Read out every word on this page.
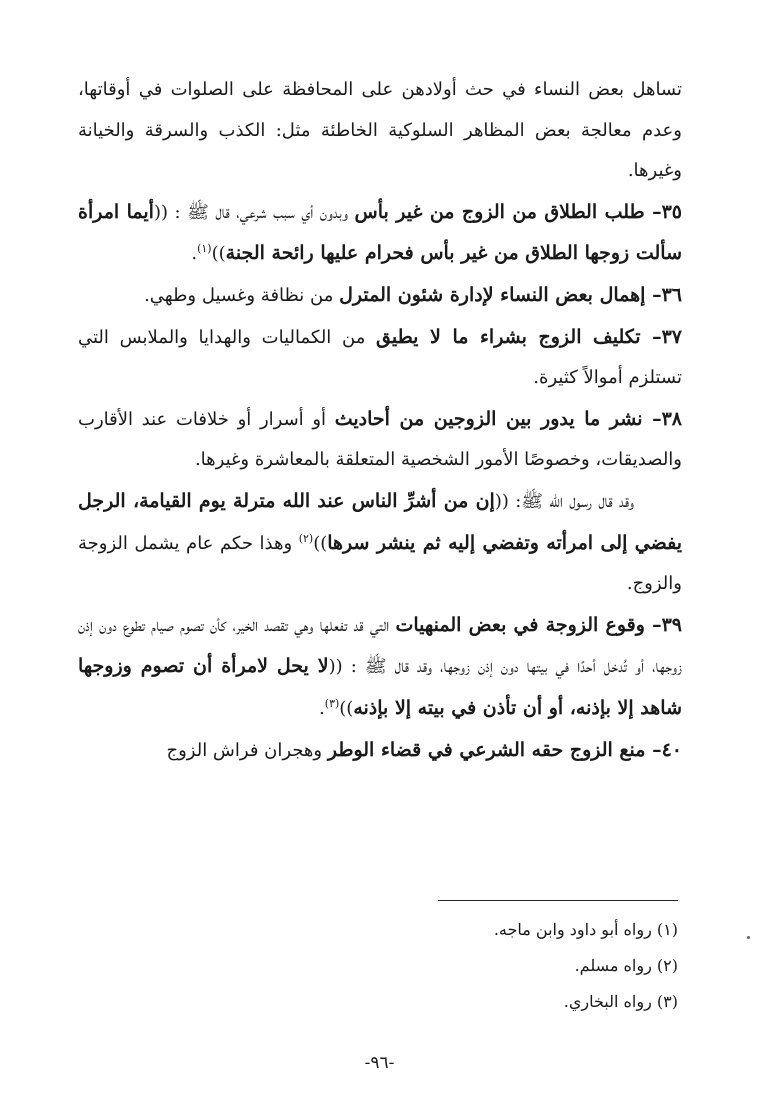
تساهل بعض النساء في حث أولادهن على المحافظة على الصلوات في أوقاتها، وعدم معالجة بعض المظاهر السلوكية الخاطئة مثل: الكذب والسرقة والخيانة وغيرها.

٣٥– طلب الطلاق من الزوج من غير بأس وبدون أي سبب شرعي، قال ﷺ : ((أيما امرأة سألت زوجها الطلاق من غير بأس فحرام عليها رائحة الجنة))$^{(١)}$.

٣٦– إهمال بعض النساء لإدارة شئون المترل من نظافة وغسيل وطهي.

٣٧– تكليف الزوج بشراء ما لا يطيق من الكماليات والهدايا والملابس التي تستلزم أموالاً كثيرة.

٣٨– نشر ما يدور بين الزوجين من أحاديث أو أسرار أو خلافات عند الأقارب والصديقات، وخصوصًا الأمور الشخصية المتعلقة بالمعاشرة وغيرها.

وقد قال رسول الله ﷺ: ((إن من أشرِّ الناس عند الله مترلة يوم القيامة، الرجل يفضي إلى امرأته وتفضي إليه ثم ينشر سرها))$^{(٢)}$ وهذا حكم عام يشمل الزوجة والزوج.

٣٩– وقوع الزوجة في بعض المنهيات التي قد تفعلها وهي تقصد الخير، كأن تصوم صيام تطوع دون إذن زوجها، أو تُدخل أحدًا في بيتها دون إذن زوجها، وقد قال ﷺ : ((لا يحل لامرأة أن تصوم وزوجها شاهد إلا بإذنه، أو أن تأذن في بيته إلا بإذنه))$^{(٣)}$.

٤٠– منع الزوج حقه الشرعي في قضاء الوطر وهجران فراش الزوج

(١) رواه أبو داود وابن ماجه.
(٢) رواه مسلم.
(٣) رواه البخاري.
-٩٦-
